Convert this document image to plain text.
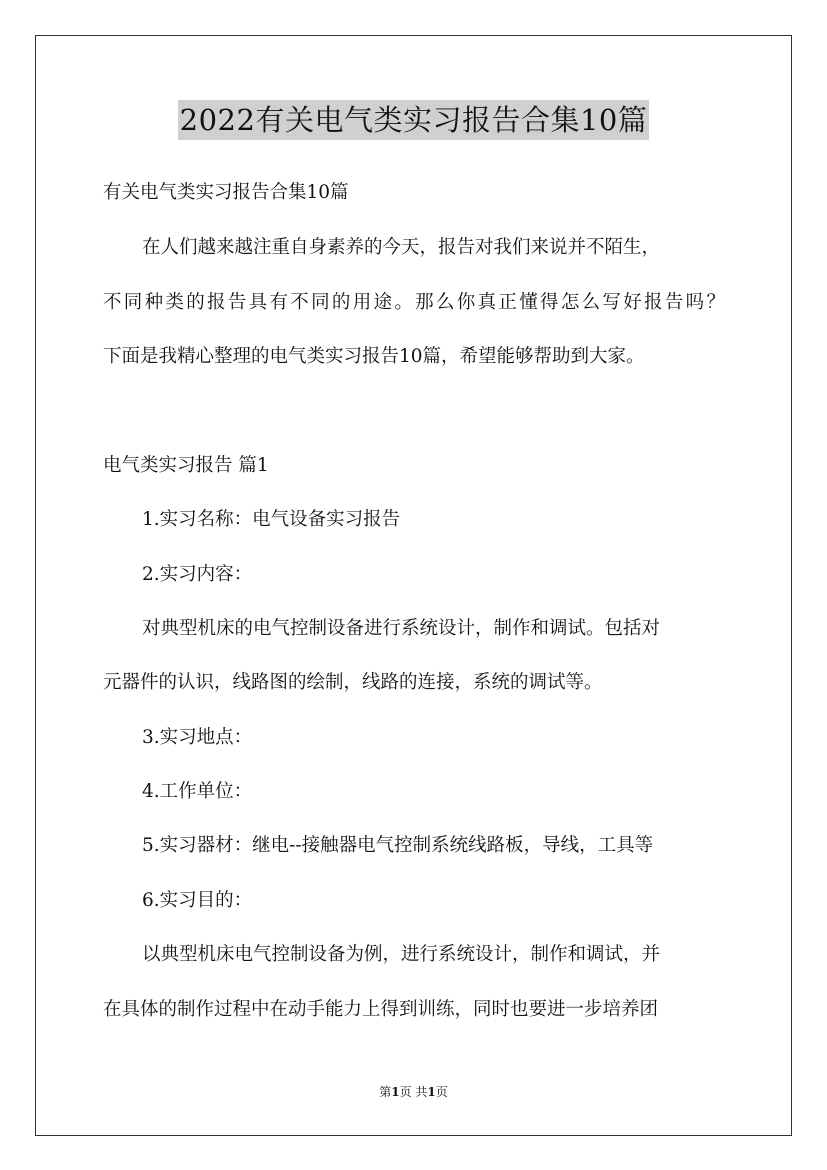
2022有关电气类实习报告合集10篇
有关电气类实习报告合集10篇
在人们越来越注重自身素养的今天，报告对我们来说并不陌生，
不同种类的报告具有不同的用途。那么你真正懂得怎么写好报告吗？
下面是我精心整理的电气类实习报告10篇，希望能够帮助到大家。
电气类实习报告 篇1
1.实习名称：电气设备实习报告
2.实习内容：
对典型机床的电气控制设备进行系统设计，制作和调试。包括对
元器件的认识，线路图的绘制，线路的连接，系统的调试等。
3.实习地点：
4.工作单位：
5.实习器材：继电--接触器电气控制系统线路板，导线，工具等
6.实习目的：
以典型机床电气控制设备为例，进行系统设计，制作和调试，并
在具体的制作过程中在动手能力上得到训练，同时也要进一步培养团
第1页 共1页
